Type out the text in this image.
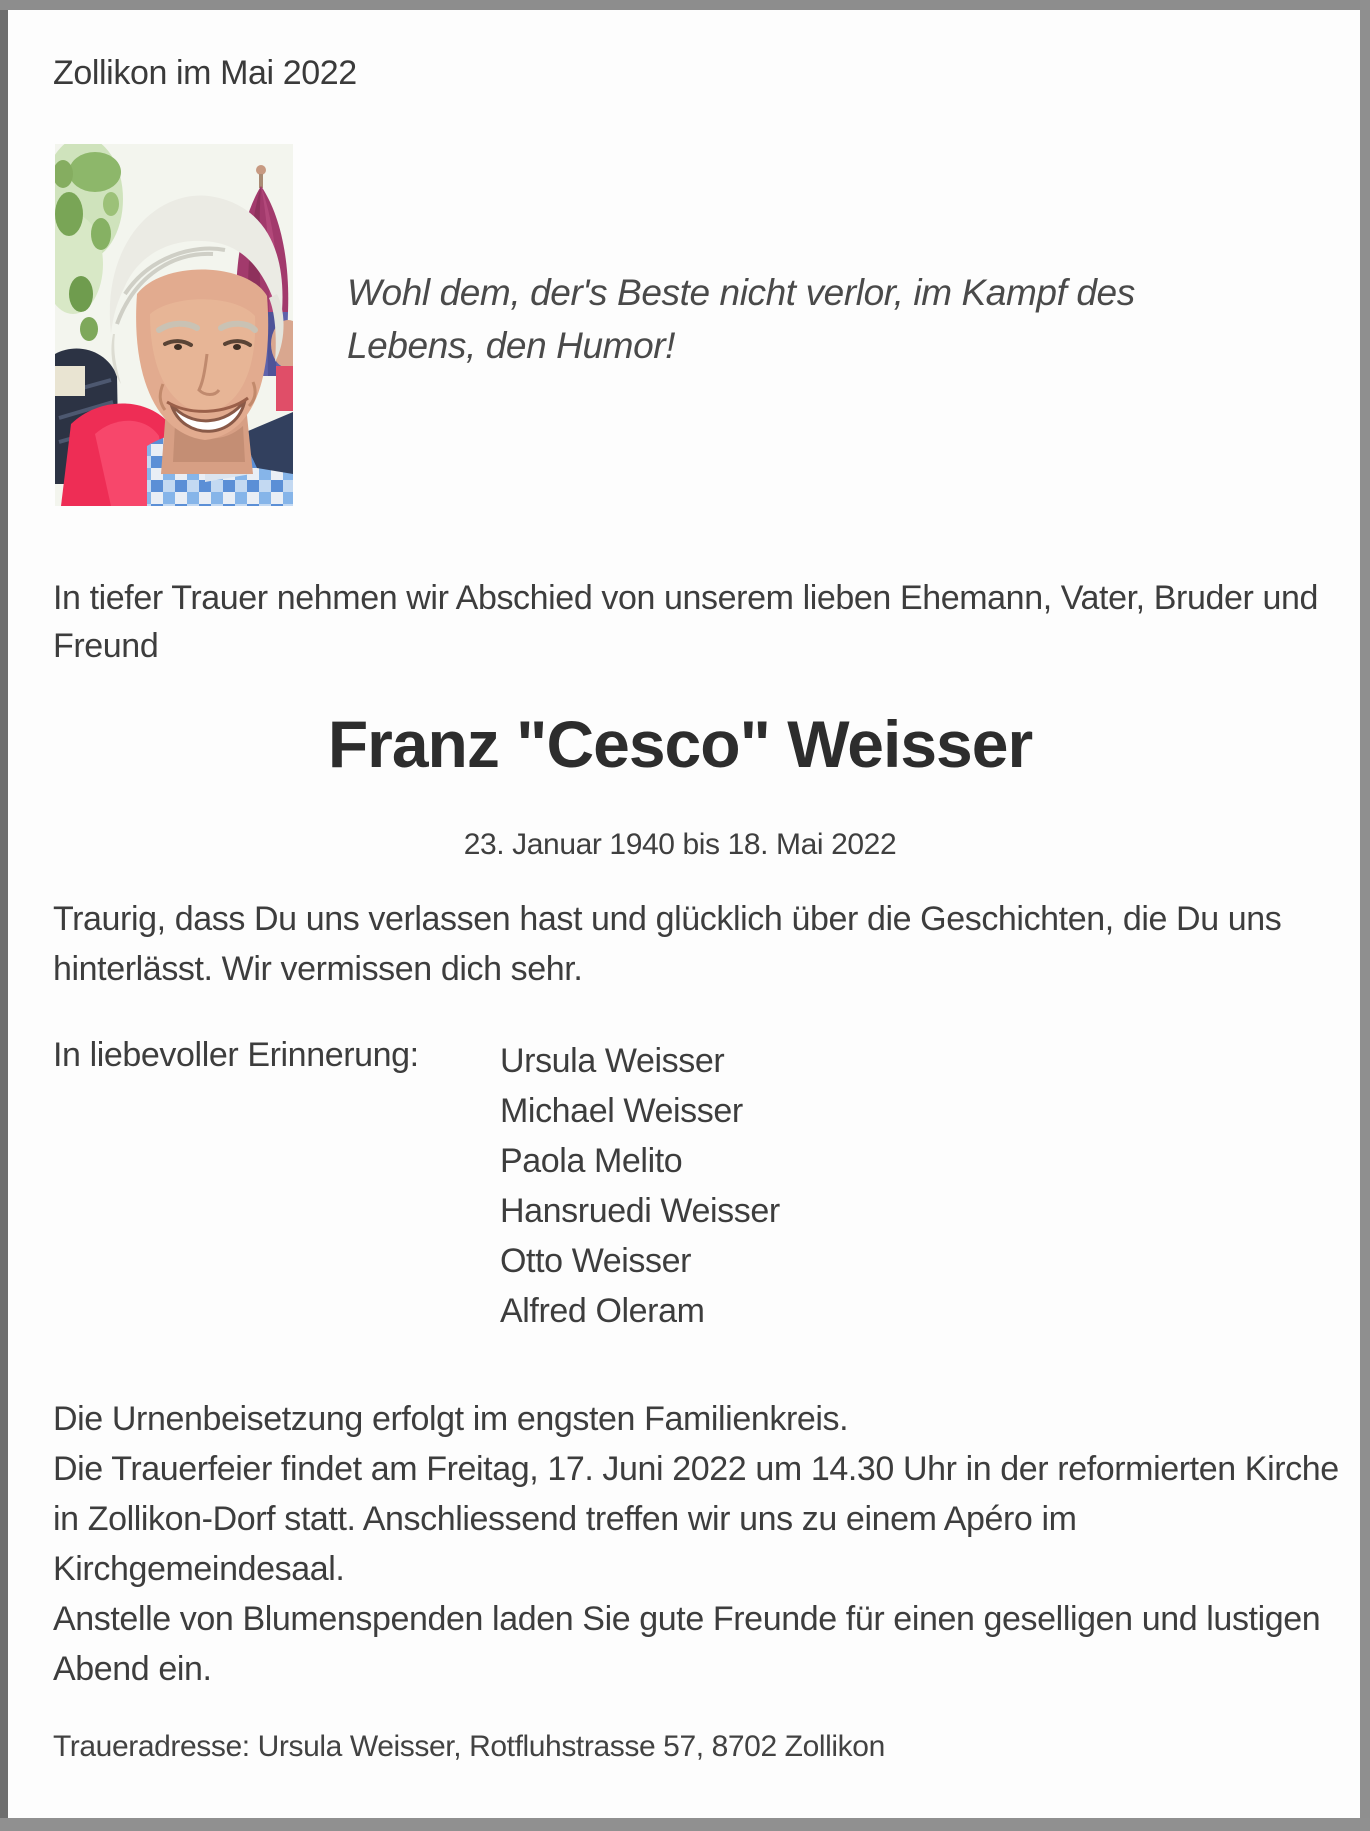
Zollikon im Mai 2022
Wohl dem, der's Beste nicht verlor, im Kampf des
Lebens, den Humor!
In tiefer Trauer nehmen wir Abschied von unserem lieben Ehemann, Vater, Bruder und
Freund
Franz "Cesco" Weisser
23. Januar 1940 bis 18. Mai 2022
Traurig, dass Du uns verlassen hast und glücklich über die Geschichten, die Du uns
hinterlässt. Wir vermissen dich sehr.
In liebevoller Erinnerung: Ursula Weisser
Michael Weisser
Paola Melito
Hansruedi Weisser
Otto Weisser
Alfred Oleram
Die Urnenbeisetzung erfolgt im engsten Familienkreis.
Die Trauerfeier findet am Freitag, 17. Juni 2022 um 14.30 Uhr in der reformierten Kirche
in Zollikon-Dorf statt. Anschliessend treffen wir uns zu einem Apéro im
Kirchgemeindesaal.
Anstelle von Blumenspenden laden Sie gute Freunde für einen geselligen und lustigen
Abend ein.
Traueradresse: Ursula Weisser, Rotfluhstrasse 57, 8702 Zollikon
